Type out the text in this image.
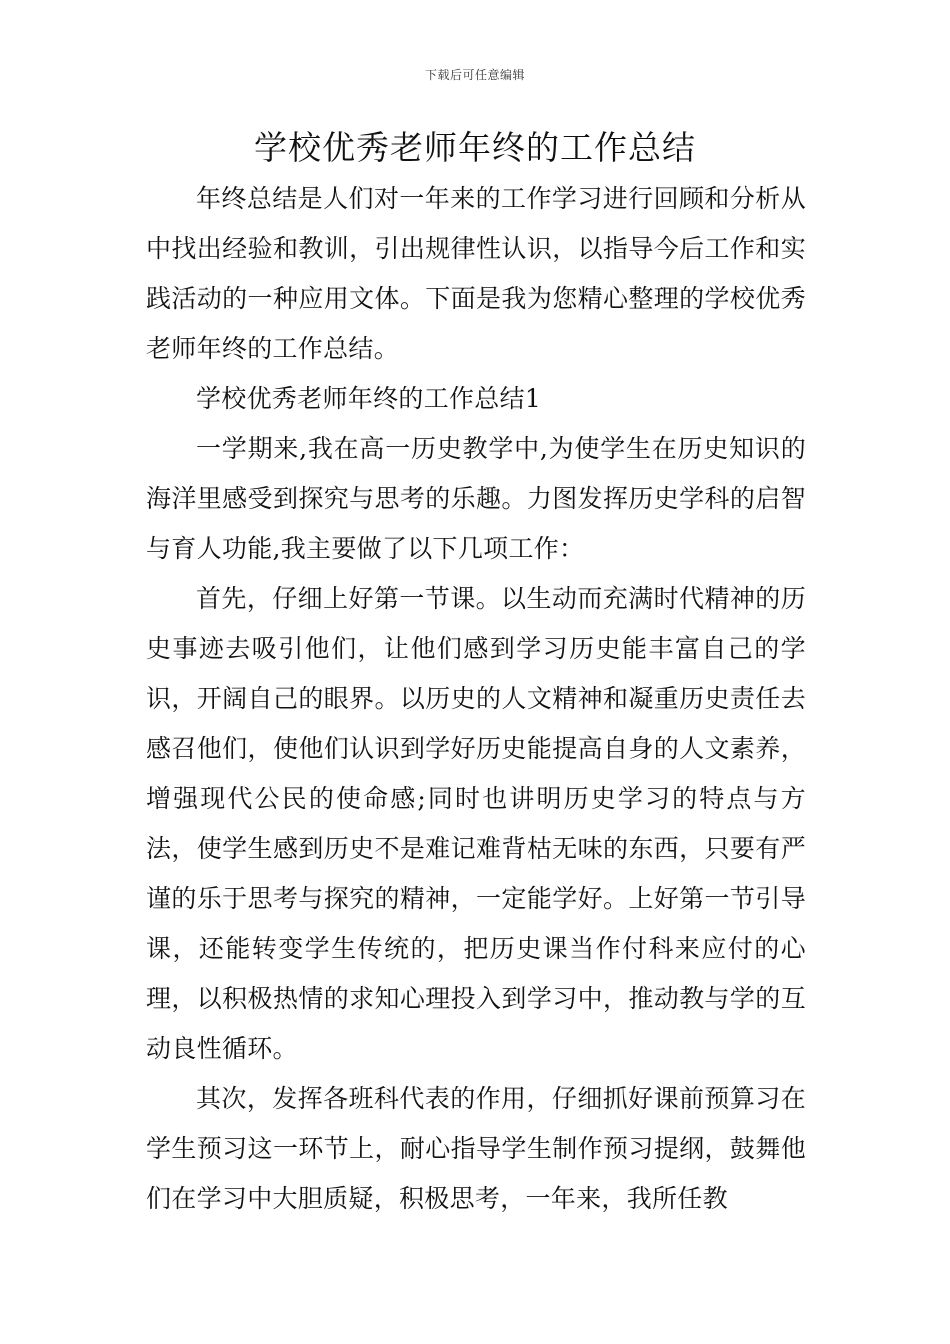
下载后可任意编辑
学校优秀老师年终的工作总结

年终总结是人们对一年来的工作学习进行回顾和分析从中找出经验和教训，引出规律性认识，以指导今后工作和实践活动的一种应用文体。下面是我为您精心整理的学校优秀老师年终的工作总结。

学校优秀老师年终的工作总结1

一学期来,我在高一历史教学中,为使学生在历史知识的海洋里感受到探究与思考的乐趣。力图发挥历史学科的启智与育人功能,我主要做了以下几项工作：

首先，仔细上好第一节课。以生动而充满时代精神的历史事迹去吸引他们，让他们感到学习历史能丰富自己的学识，开阔自己的眼界。以历史的人文精神和凝重历史责任去感召他们，使他们认识到学好历史能提高自身的人文素养，增强现代公民的使命感;同时也讲明历史学习的特点与方法，使学生感到历史不是难记难背枯无味的东西，只要有严谨的乐于思考与探究的精神，一定能学好。上好第一节引导课，还能转变学生传统的，把历史课当作付科来应付的心理，以积极热情的求知心理投入到学习中，推动教与学的互动良性循环。

其次，发挥各班科代表的作用，仔细抓好课前预算习在学生预习这一环节上，耐心指导学生制作预习提纲，鼓舞他们在学习中大胆质疑，积极思考，一年来，我所任教
